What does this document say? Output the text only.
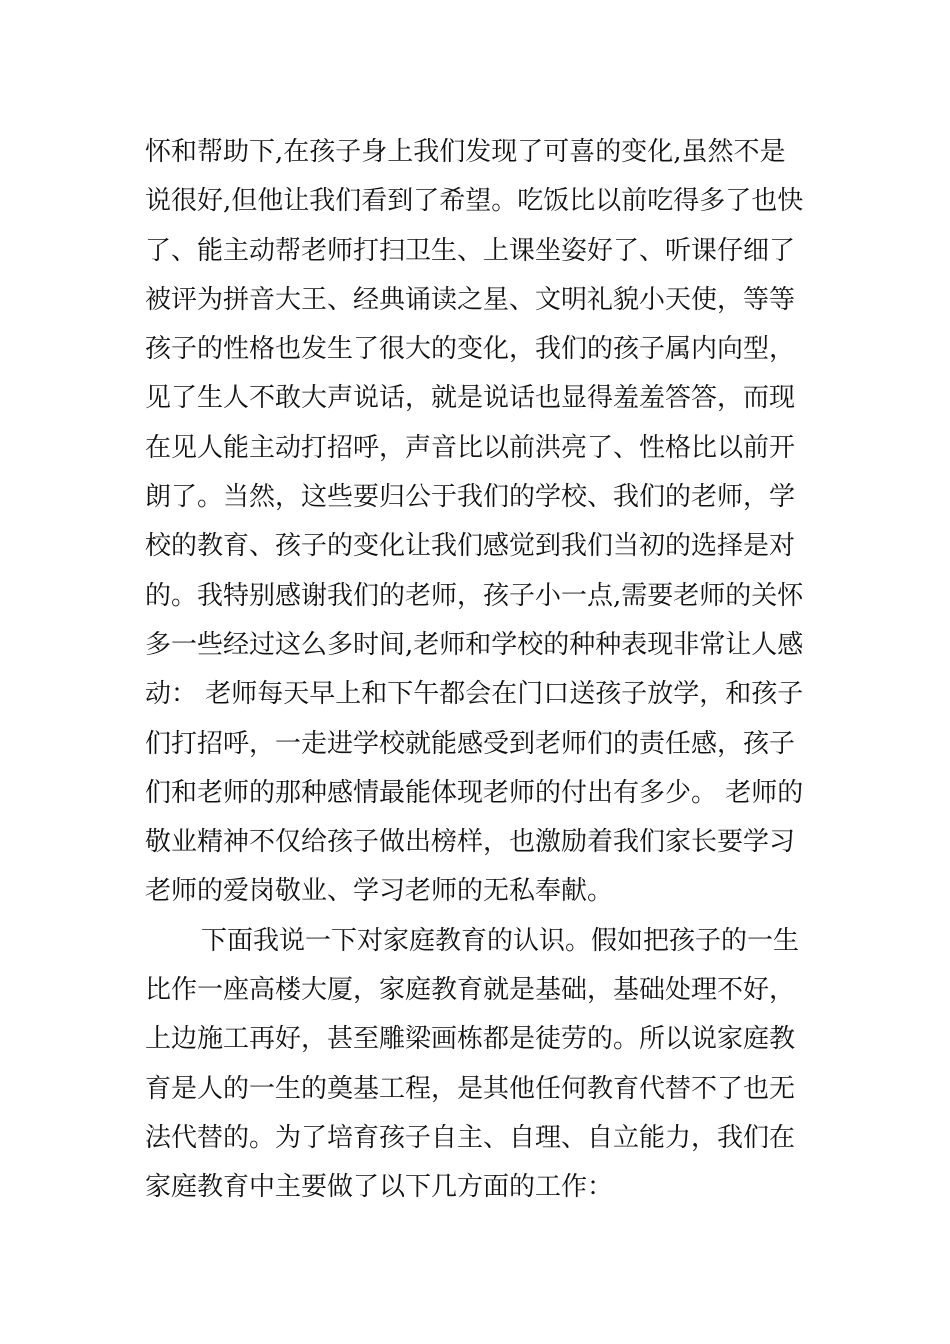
怀和帮助下,在孩子身上我们发现了可喜的变化,虽然不是
说很好,但他让我们看到了希望。吃饭比以前吃得多了也快
了、能主动帮老师打扫卫生、上课坐姿好了、听课仔细了
被评为拼音大王、经典诵读之星、文明礼貌小天使，等等
孩子的性格也发生了很大的变化，我们的孩子属内向型，
见了生人不敢大声说话，就是说话也显得羞羞答答，而现
在见人能主动打招呼，声音比以前洪亮了、性格比以前开
朗了。当然，这些要归公于我们的学校、我们的老师，学
校的教育、孩子的变化让我们感觉到我们当初的选择是对
的。我特别感谢我们的老师，孩子小一点,需要老师的关怀
多一些经过这么多时间,老师和学校的种种表现非常让人感
动： 老师每天早上和下午都会在门口送孩子放学，和孩子
们打招呼，一走进学校就能感受到老师们的责任感，孩子
们和老师的那种感情最能体现老师的付出有多少。 老师的
敬业精神不仅给孩子做出榜样，也激励着我们家长要学习
老师的爱岗敬业、学习老师的无私奉献。
下面我说一下对家庭教育的认识。假如把孩子的一生
比作一座高楼大厦，家庭教育就是基础，基础处理不好，
上边施工再好，甚至雕梁画栋都是徒劳的。所以说家庭教
育是人的一生的奠基工程，是其他任何教育代替不了也无
法代替的。为了培育孩子自主、自理、自立能力，我们在
家庭教育中主要做了以下几方面的工作：
